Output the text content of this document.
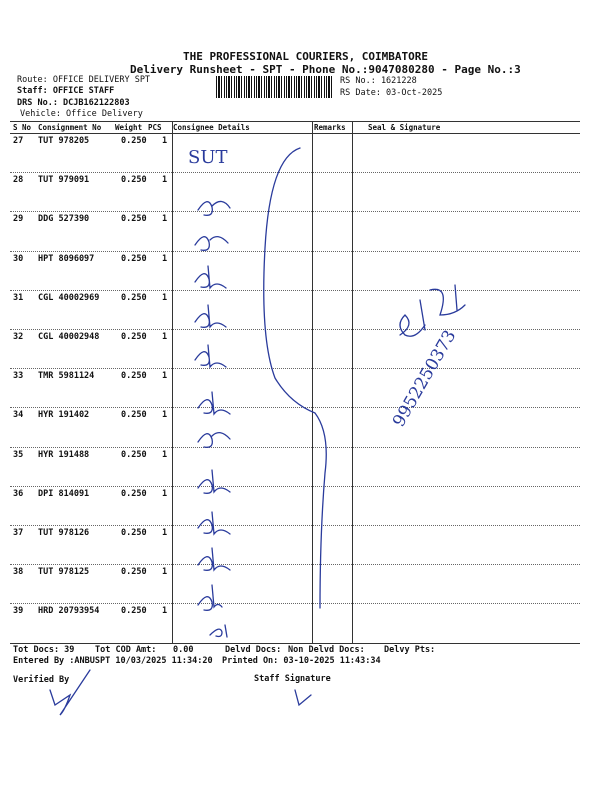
THE PROFESSIONAL COURIERS, COIMBATORE
Delivery Runsheet - SPT - Phone No.:9047080280 - Page No.:3
Route: OFFICE DELIVERY SPT
Staff: OFFICE STAFF
DRS No.: DCJB162122803
Vehicle: Office Delivery
RS No.: 1621228
RS Date: 03-Oct-2025
S No Consignment No Weight PCS Consignee Details	Remarks	Seal & Signature
27 TUT 978205	0.250 1
28 TUT 979091	0.250 1
29 DDG 527390	0.250 1
30 HPT 8096097	0.250 1
31 CGL 40002969	0.250 1
32 CGL 40002948	0.250 1
33 TMR 5981124	0.250 1
34 HYR 191402	0.250 1
35 HYR 191488	0.250 1
36 DPI 814091	0.250 1
37 TUT 978126	0.250 1
38 TUT 978125	0.250 1
39 HRD 20793954	0.250 1
Tot Docs: 39 Tot COD Amt: 0.00	Delvd Docs: Non Delvd Docs: Delvy Pts:
Entered By :ANBUSPT 10/03/2025 11:34:20 Printed On: 03-10-2025 11:43:34
Verified By	Staff Signature
SUT
9952250373
